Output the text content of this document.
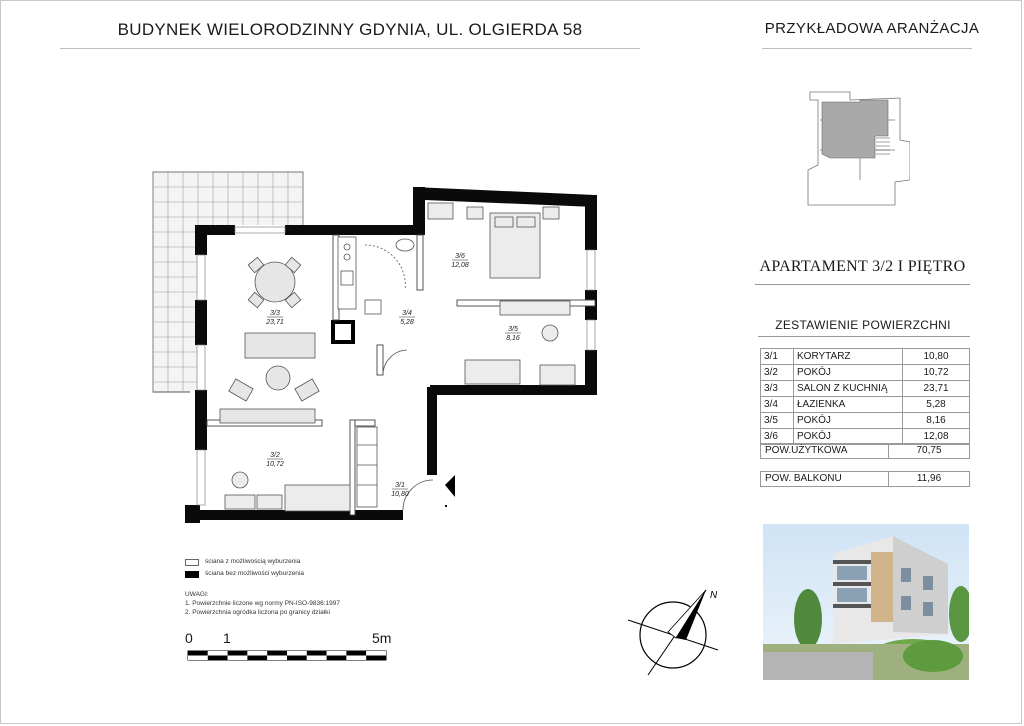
BUDYNEK WIELORODZINNY GDYNIA, UL. OLGIERDA 58	PRZYKŁADOWA ARANŻACJA
APARTAMENT 3/2 I PIĘTRO
ZESTAWIENIE POWIERZCHNI
3/1	KORYTARZ	10,80
3/2	POKÓJ	10,72
3/3	SALON Z KUCHNIĄ	23,71
3/4	ŁAZIENKA	5,28
3/5	POKÓJ	8,16
3/6	POKÓJ	12,08
POW.UŻYTKOWA	70,75
POW. BALKONU	11,96
3/3
23,71
3/4
5,28
3/6
12,08
3/5
8,16
3/2
10,72
3/1
10,80
ściana z możliwością wyburzenia
ściana bez możliwości wyburzenia
UWAGI:
1. Powierzchnie liczone wg normy PN-ISO-9836:1997
2. Powierzchnia ogródka liczona po granicy działki
0 1	5m
N
